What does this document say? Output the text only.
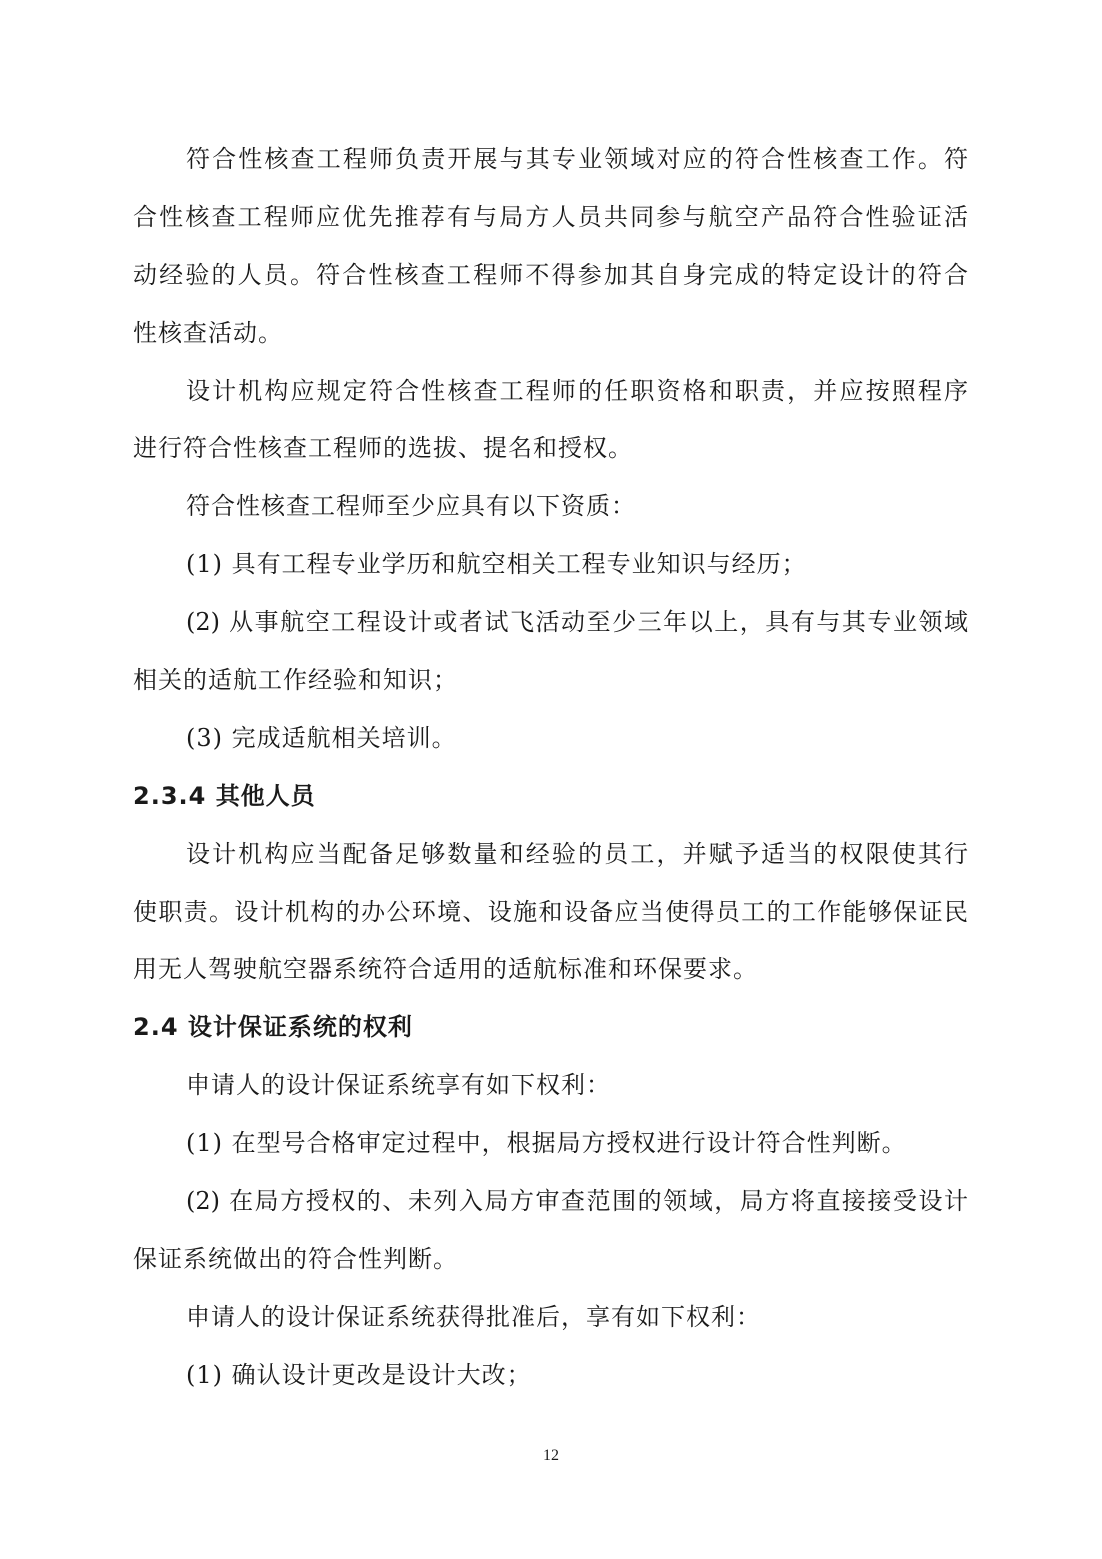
符合性核查工程师负责开展与其专业领域对应的符合性核查工作。符
合性核查工程师应优先推荐有与局方人员共同参与航空产品符合性验证活
动经验的人员。符合性核查工程师不得参加其自身完成的特定设计的符合
性核查活动。
设计机构应规定符合性核查工程师的任职资格和职责，并应按照程序
进行符合性核查工程师的选拔、提名和授权。
符合性核查工程师至少应具有以下资质：
(1) 具有工程专业学历和航空相关工程专业知识与经历；
(2) 从事航空工程设计或者试飞活动至少三年以上，具有与其专业领域
相关的适航工作经验和知识；
(3) 完成适航相关培训。
2.3.4 其他人员
设计机构应当配备足够数量和经验的员工，并赋予适当的权限使其行
使职责。设计机构的办公环境、设施和设备应当使得员工的工作能够保证民
用无人驾驶航空器系统符合适用的适航标准和环保要求。
2.4 设计保证系统的权利
申请人的设计保证系统享有如下权利：
(1) 在型号合格审定过程中，根据局方授权进行设计符合性判断。
(2) 在局方授权的、未列入局方审查范围的领域，局方将直接接受设计
保证系统做出的符合性判断。
申请人的设计保证系统获得批准后，享有如下权利：
(1) 确认设计更改是设计大改；
12
